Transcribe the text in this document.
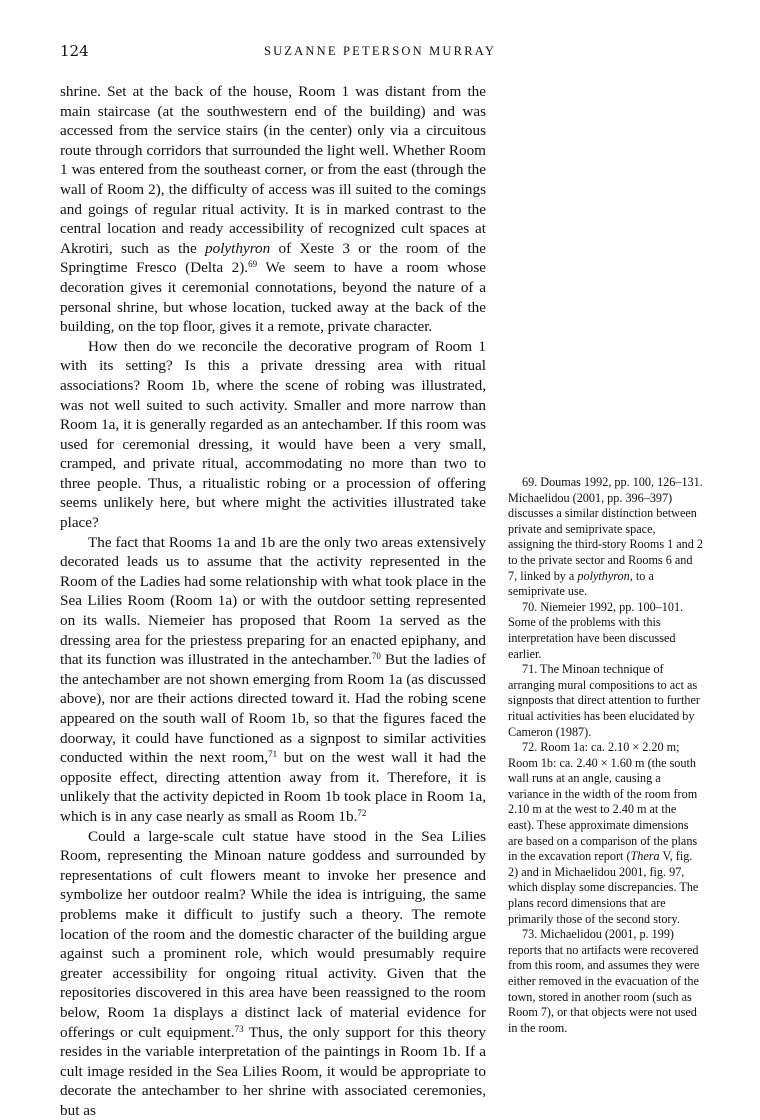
124	SUZANNE PETERSON MURRAY

shrine. Set at the back of the house, Room 1 was distant from the main staircase (at the southwestern end of the building) and was accessed from the service stairs (in the center) only via a circuitous route through corridors that surrounded the light well. Whether Room 1 was entered from the southeast corner, or from the east (through the wall of Room 2), the difficulty of access was ill suited to the comings and goings of regular ritual activity. It is in marked contrast to the central location and ready accessibility of recognized cult spaces at Akrotiri, such as the polythyron of Xeste 3 or the room of the Springtime Fresco (Delta 2).$^{69}$ We seem to have a room whose decoration gives it ceremonial connotations, beyond the nature of a personal shrine, but whose location, tucked away at the back of the building, on the top floor, gives it a remote, private character.

How then do we reconcile the decorative program of Room 1 with its setting? Is this a private dressing area with ritual associations? Room 1b, where the scene of robing was illustrated, was not well suited to such activity. Smaller and more narrow than Room 1a, it is generally regarded as an antechamber. If this room was used for ceremonial dressing, it would have been a very small, cramped, and private ritual, accommodating no more than two to three people. Thus, a ritualistic robing or a procession of offering seems unlikely here, but where might the activities illustrated take place?

The fact that Rooms 1a and 1b are the only two areas extensively decorated leads us to assume that the activity represented in the Room of the Ladies had some relationship with what took place in the Sea Lilies Room (Room 1a) or with the outdoor setting represented on its walls. Niemeier has proposed that Room 1a served as the dressing area for the priestess preparing for an enacted epiphany, and that its function was illustrated in the antechamber.$^{70}$ But the ladies of the antechamber are not shown emerging from Room 1a (as discussed above), nor are their actions directed toward it. Had the robing scene appeared on the south wall of Room 1b, so that the figures faced the doorway, it could have functioned as a signpost to similar activities conducted within the next room,$^{71}$ but on the west wall it had the opposite effect, directing attention away from it. Therefore, it is unlikely that the activity depicted in Room 1b took place in Room 1a, which is in any case nearly as small as Room 1b.$^{72}$

Could a large-scale cult statue have stood in the Sea Lilies Room, representing the Minoan nature goddess and surrounded by representations of cult flowers meant to invoke her presence and symbolize her outdoor realm? While the idea is intriguing, the same problems make it difficult to justify such a theory. The remote location of the room and the domestic character of the building argue against such a prominent role, which would presumably require greater accessibility for ongoing ritual activity. Given that the repositories discovered in this area have been reassigned to the room below, Room 1a displays a distinct lack of material evidence for offerings or cult equipment.$^{73}$ Thus, the only support for this theory resides in the variable interpretation of the paintings in Room 1b. If a cult image resided in the Sea Lilies Room, it would be appropriate to decorate the antechamber to her shrine with associated ceremonies, but as

69. Doumas 1992, pp. 100, 126–131. Michaelidou (2001, pp. 396–397) discusses a similar distinction between private and semiprivate space, assigning the third-story Rooms 1 and 2 to the private sector and Rooms 6 and 7, linked by a polythyron, to a semiprivate use.

70. Niemeier 1992, pp. 100–101. Some of the problems with this interpretation have been discussed earlier.

71. The Minoan technique of arranging mural compositions to act as signposts that direct attention to further ritual activities has been elucidated by Cameron (1987).

72. Room 1a: ca. 2.10 × 2.20 m; Room 1b: ca. 2.40 × 1.60 m (the south wall runs at an angle, causing a variance in the width of the room from 2.10 m at the west to 2.40 m at the east). These approximate dimensions are based on a comparison of the plans in the excavation report (Thera V, fig. 2) and in Michaelidou 2001, fig. 97, which display some discrepancies. The plans record dimensions that are primarily those of the second story.

73. Michaelidou (2001, p. 199) reports that no artifacts were recovered from this room, and assumes they were either removed in the evacuation of the town, stored in another room (such as Room 7), or that objects were not used in the room.
